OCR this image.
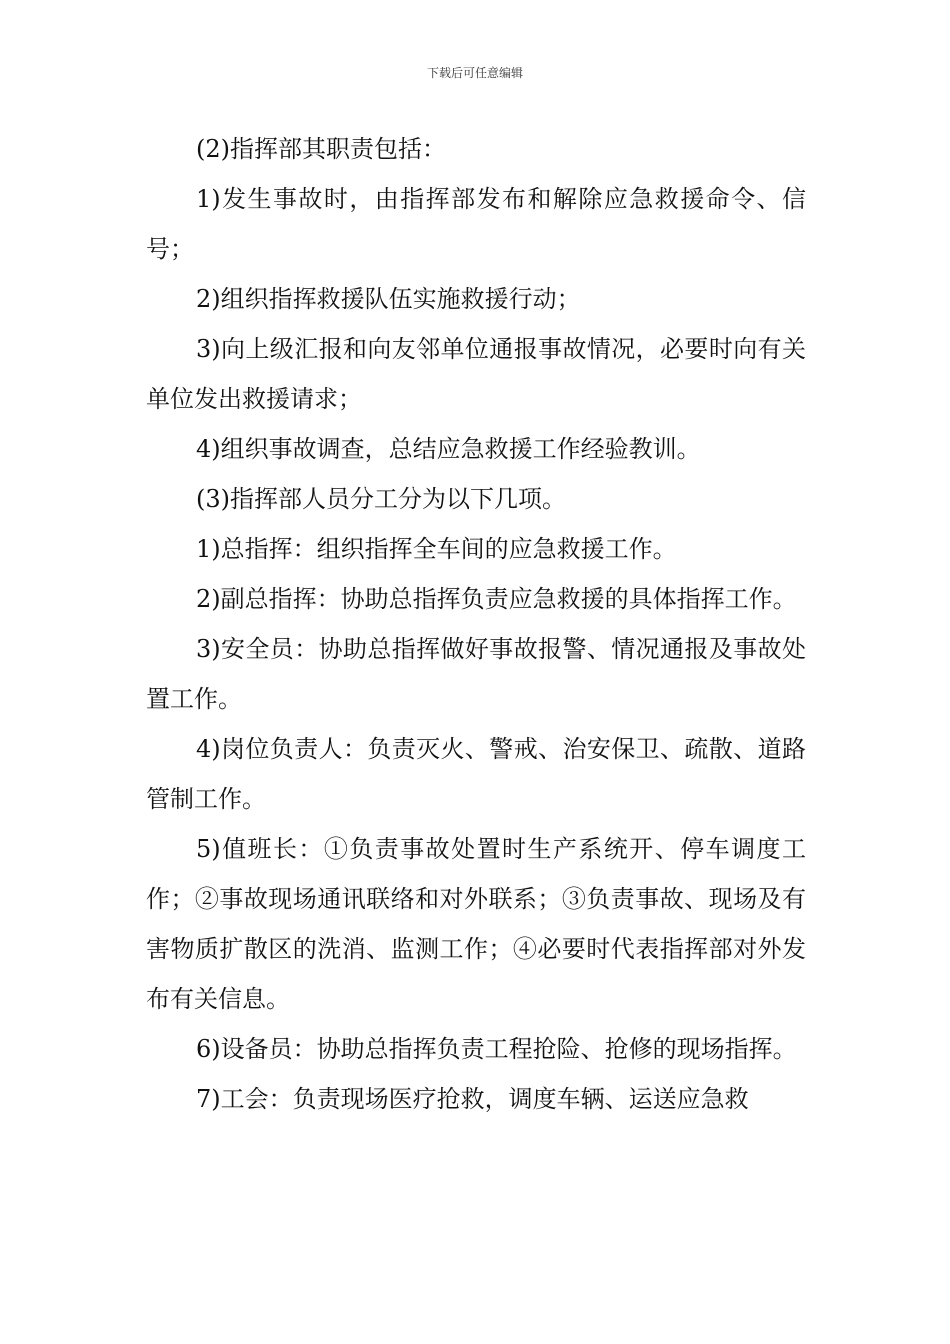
下载后可任意编辑

(2)指挥部其职责包括：

1)发生事故时，由指挥部发布和解除应急救援命令、信号；

2)组织指挥救援队伍实施救援行动；

3)向上级汇报和向友邻单位通报事故情况，必要时向有关单位发出救援请求；

4)组织事故调查，总结应急救援工作经验教训。

(3)指挥部人员分工分为以下几项。

1)总指挥：组织指挥全车间的应急救援工作。

2)副总指挥：协助总指挥负责应急救援的具体指挥工作。

3)安全员：协助总指挥做好事故报警、情况通报及事故处置工作。

4)岗位负责人：负责灭火、警戒、治安保卫、疏散、道路管制工作。

5)值班长：①负责事故处置时生产系统开、停车调度工作；②事故现场通讯联络和对外联系；③负责事故、现场及有害物质扩散区的洗消、监测工作；④必要时代表指挥部对外发布有关信息。

6)设备员：协助总指挥负责工程抢险、抢修的现场指挥。

7)工会：负责现场医疗抢救，调度车辆、运送应急救
